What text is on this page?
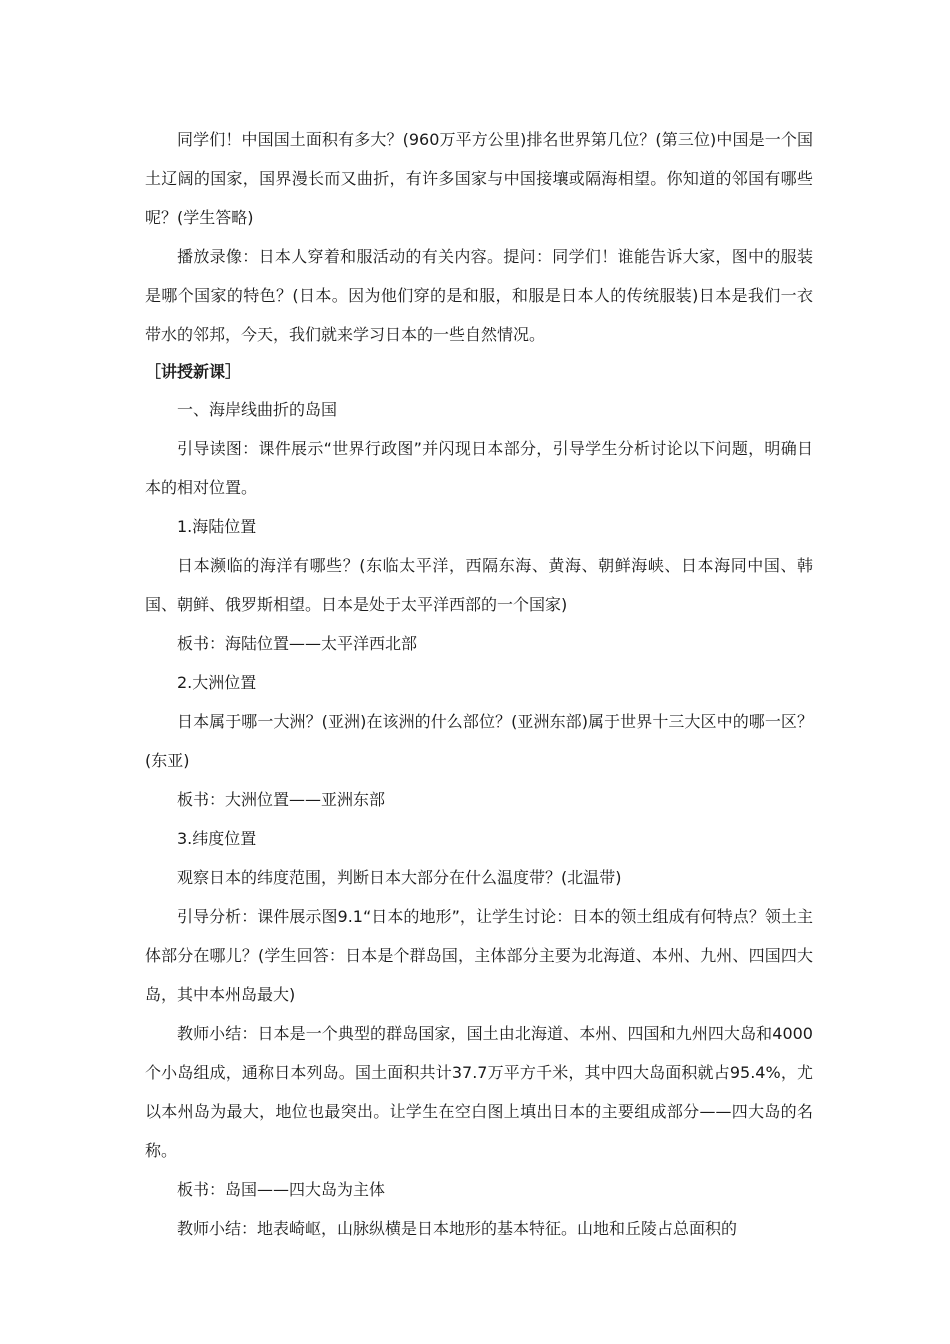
同学们！中国国土面积有多大？(960万平方公里)排名世界第几位？(第三位)中国是一个国土辽阔的国家，国界漫长而又曲折，有许多国家与中国接壤或隔海相望。你知道的邻国有哪些呢？(学生答略)

播放录像：日本人穿着和服活动的有关内容。提问：同学们！谁能告诉大家，图中的服装是哪个国家的特色？(日本。因为他们穿的是和服，和服是日本人的传统服装)日本是我们一衣带水的邻邦，今天，我们就来学习日本的一些自然情况。

［讲授新课］

一、海岸线曲折的岛国

引导读图：课件展示“世界行政图”并闪现日本部分，引导学生分析讨论以下问题，明确日本的相对位置。

1.海陆位置

日本濒临的海洋有哪些？(东临太平洋，西隔东海、黄海、朝鲜海峡、日本海同中国、韩国、朝鲜、俄罗斯相望。日本是处于太平洋西部的一个国家)

板书：海陆位置——太平洋西北部

2.大洲位置

日本属于哪一大洲？(亚洲)在该洲的什么部位？(亚洲东部)属于世界十三大区中的哪一区？(东亚)

板书：大洲位置——亚洲东部

3.纬度位置

观察日本的纬度范围，判断日本大部分在什么温度带？(北温带)

引导分析：课件展示图9.1“日本的地形”，让学生讨论：日本的领土组成有何特点？领土主体部分在哪儿？(学生回答：日本是个群岛国，主体部分主要为北海道、本州、九州、四国四大岛，其中本州岛最大)

教师小结：日本是一个典型的群岛国家，国土由北海道、本州、四国和九州四大岛和4000个小岛组成，通称日本列岛。国土面积共计37.7万平方千米，其中四大岛面积就占95.4%，尤以本州岛为最大，地位也最突出。让学生在空白图上填出日本的主要组成部分——四大岛的名称。

板书：岛国——四大岛为主体

教师小结：地表崎岖，山脉纵横是日本地形的基本特征。山地和丘陵占总面积的
